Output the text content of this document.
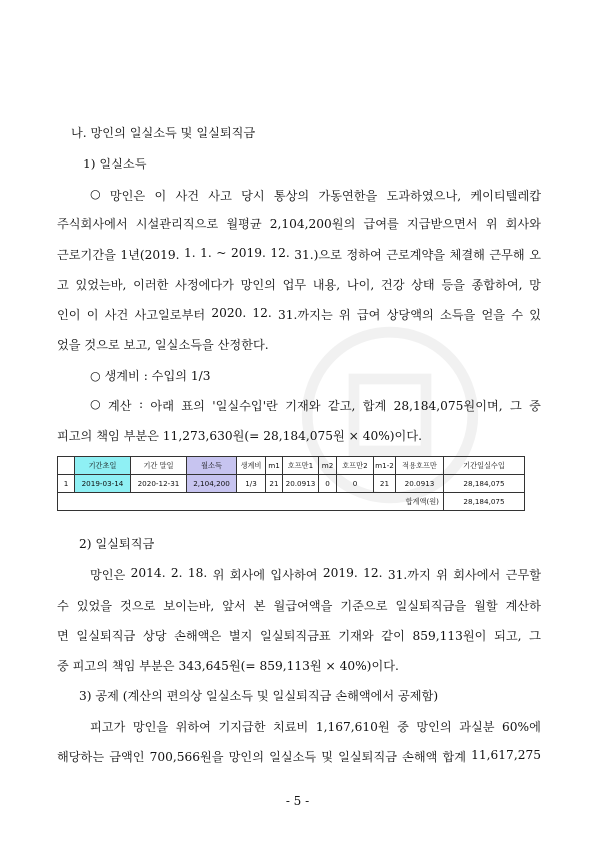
나. 망인의 일실소득 및 일실퇴직금
1) 일실소득
○ 망인은 이 사건 사고 당시 통상의 가동연한을 도과하였으나, 케이티텔레캅
주식회사에서 시설관리직으로 월평균 2,104,200원의 급여를 지급받으면서 위 회사와
근로기간을 1년(2019. 1. 1. ~ 2019. 12. 31.)으로 정하여 근로계약을 체결해 근무해 오
고 있었는바, 이러한 사정에다가 망인의 업무 내용, 나이, 건강 상태 등을 종합하여, 망
인이 이 사건 사고일로부터 2020. 12. 31.까지는 위 급여 상당액의 소득을 얻을 수 있
었을 것으로 보고, 일실소득을 산정한다.
○ 생계비 : 수입의 1/3
○ 계산 : 아래 표의 '일실수입'란 기재와 같고, 합계 28,184,075원이며, 그 중
피고의 책임 부분은 11,273,630원(= 28,184,075원 × 40%)이다.
	기간초일	기간 말일	월소득	생계비	m1	호프만1	m2	호프만2	m1-2	적용호프만	기간일실수입
1	2019-03-14	2020-12-31	2,104,200	1/3	21	20.0913	0	0	21	20.0913	28,184,075
합계액(원)											28,184,075
2) 일실퇴직금
망인은 2014. 2. 18. 위 회사에 입사하여 2019. 12. 31.까지 위 회사에서 근무할
수 있었을 것으로 보이는바, 앞서 본 월급여액을 기준으로 일실퇴직금을 월할 계산하
면 일실퇴직금 상당 손해액은 별지 일실퇴직금표 기재와 같이 859,113원이 되고, 그
중 피고의 책임 부분은 343,645원(= 859,113원 × 40%)이다.
3) 공제 (계산의 편의상 일실소득 및 일실퇴직금 손해액에서 공제함)
피고가 망인을 위하여 기지급한 치료비 1,167,610원 중 망인의 과실분 60%에
해당하는 금액인 700,566원을 망인의 일실소득 및 일실퇴직금 손해액 합계 11,617,275
- 5 -
